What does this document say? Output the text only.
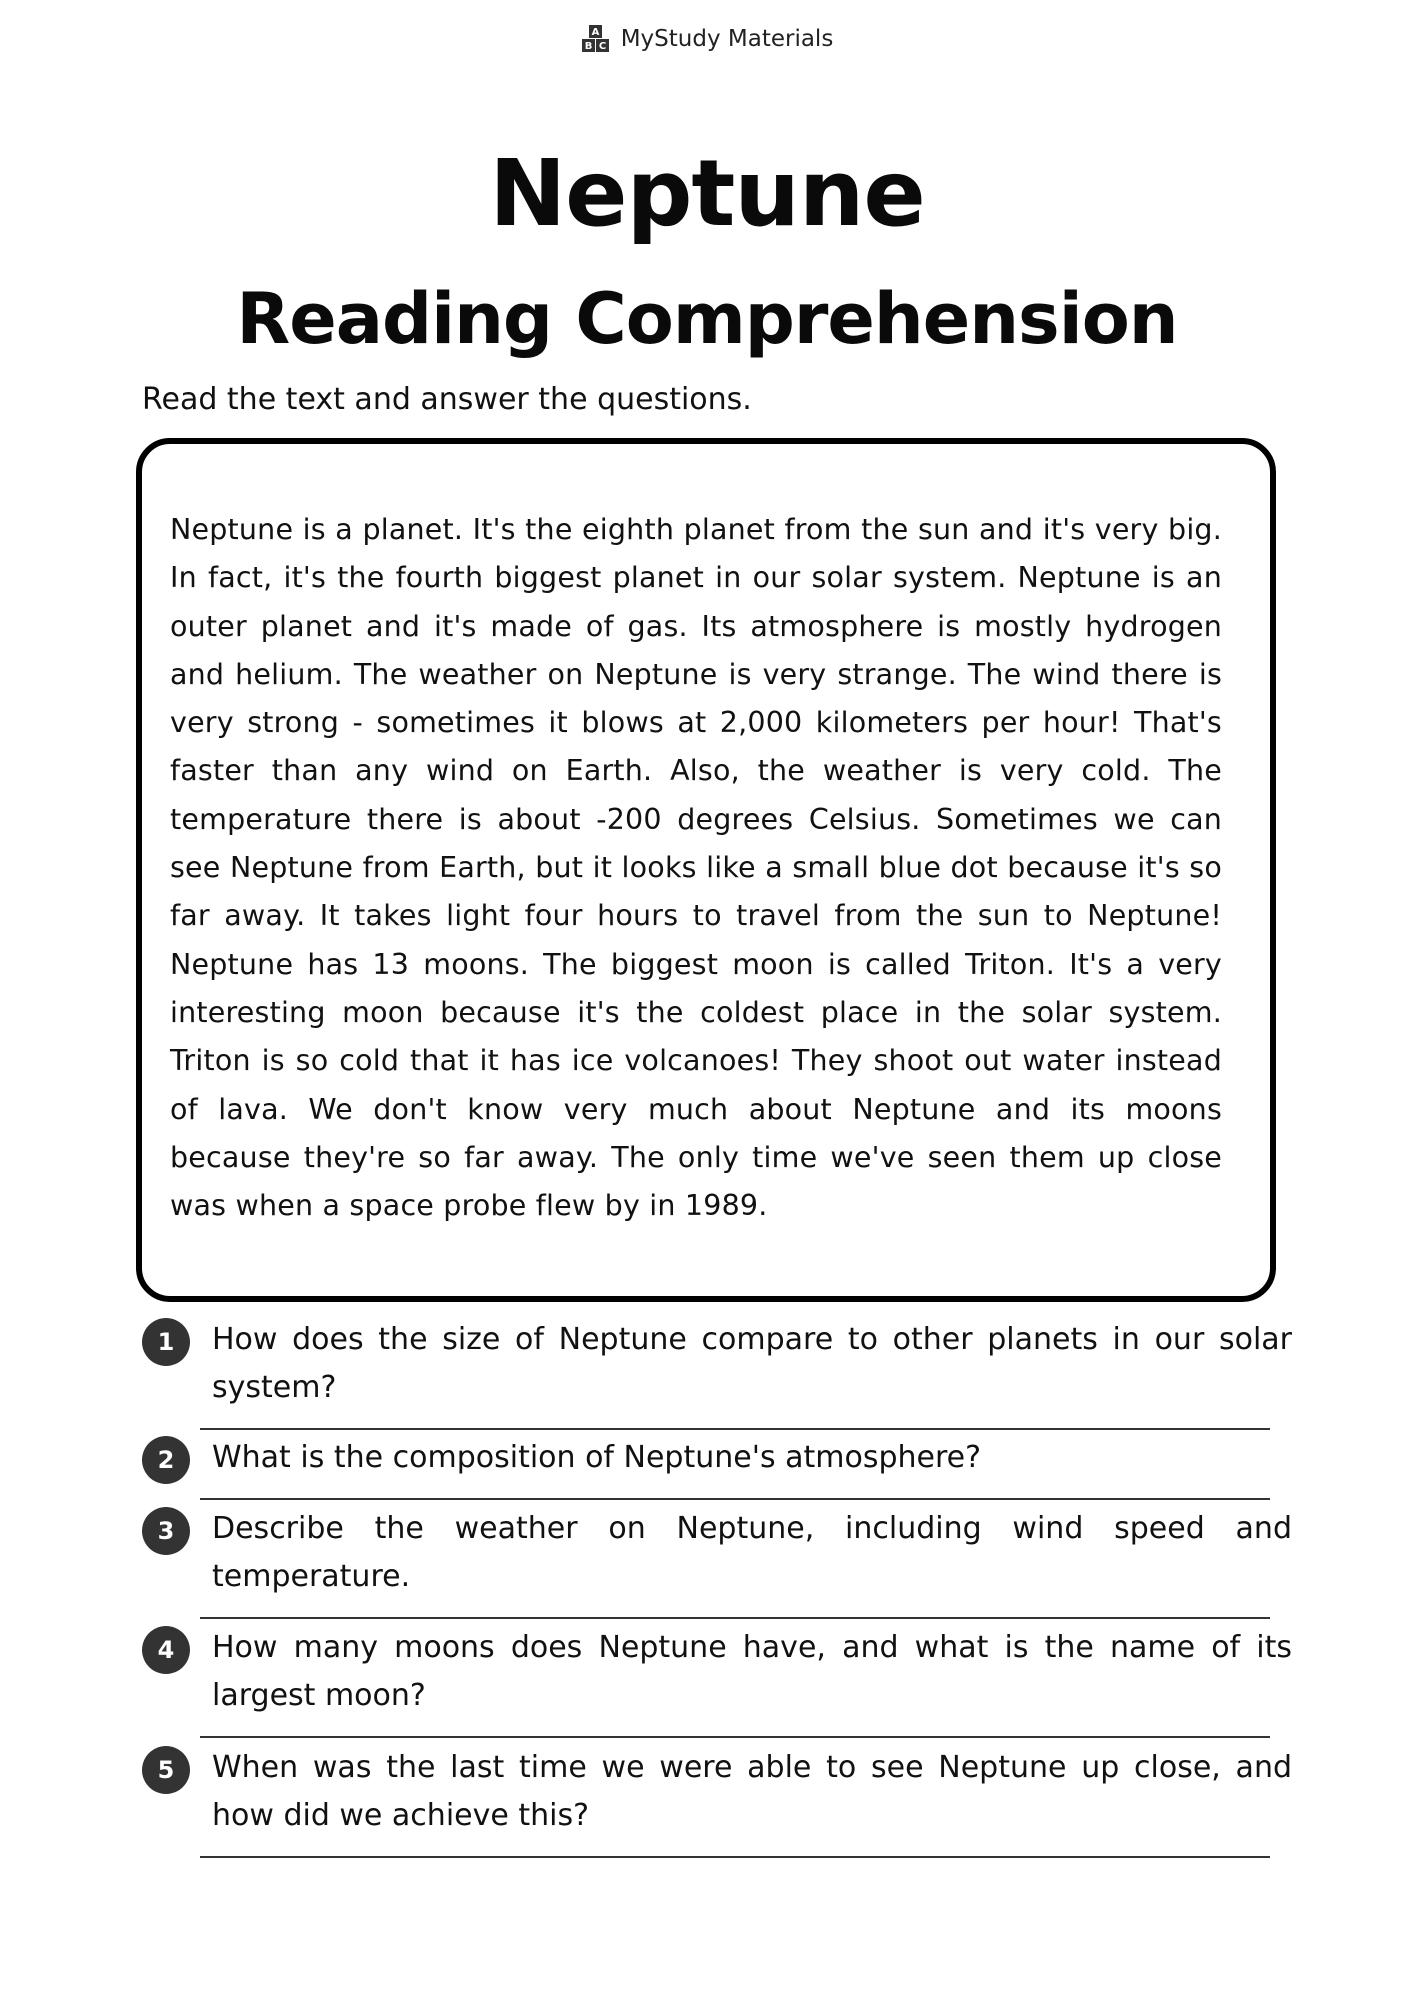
A
B C MyStudy Materials
Neptune
Reading Comprehension
Read the text and answer the questions.

Neptune is a planet. It's the eighth planet from the sun and it's very big. In fact, it's the fourth biggest planet in our solar system. Neptune is an outer planet and it's made of gas. Its atmosphere is mostly hydrogen and helium. The weather on Neptune is very strange. The wind there is very strong - sometimes it blows at 2,000 kilometers per hour! That's faster than any wind on Earth. Also, the weather is very cold. The temperature there is about -200 degrees Celsius. Sometimes we can see Neptune from Earth, but it looks like a small blue dot because it's so far away. It takes light four hours to travel from the sun to Neptune! Neptune has 13 moons. The biggest moon is called Triton. It's a very interesting moon because it's the coldest place in the solar system. Triton is so cold that it has ice volcanoes! They shoot out water instead of lava. We don't know very much about Neptune and its moons because they're so far away. The only time we've seen them up close was when a space probe flew by in 1989.

1	How does the size of Neptune compare to other planets in our solar system?
2	What is the composition of Neptune's atmosphere?
3	Describe the weather on Neptune, including wind speed and temperature.
4	How many moons does Neptune have, and what is the name of its largest moon?
5	When was the last time we were able to see Neptune up close, and how did we achieve this?
